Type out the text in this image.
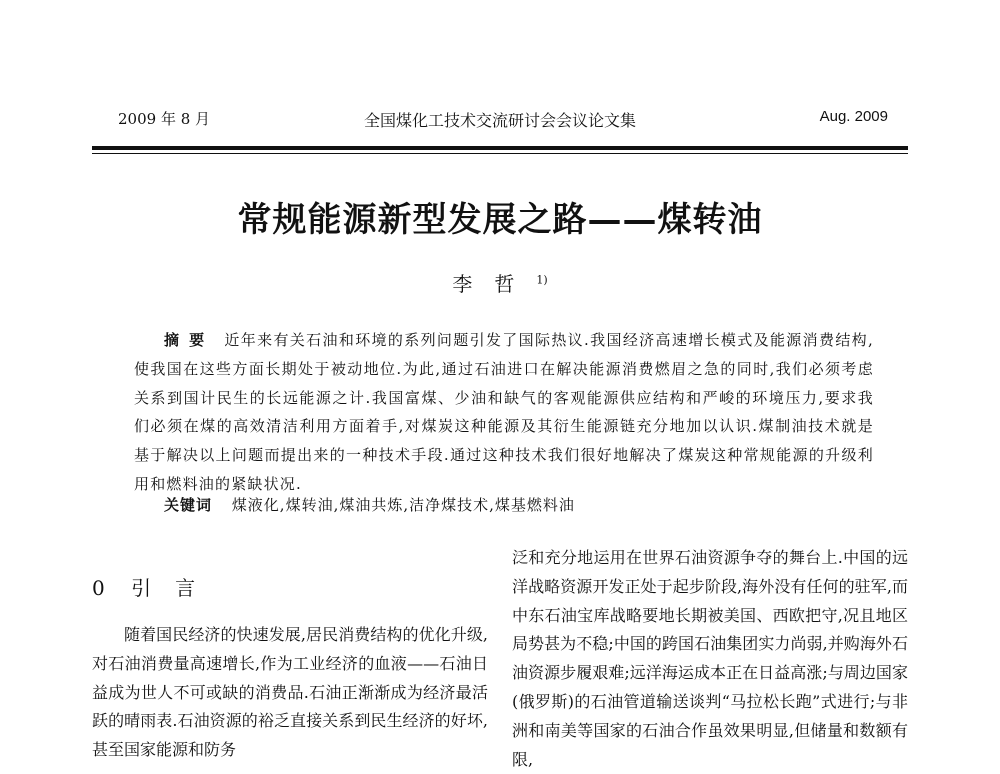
2009 年 8 月	全国煤化工技术交流研讨会会议论文集	Aug. 2009
常规能源新型发展之路——煤转油
李哲$^{1)}$
摘要 近年来有关石油和环境的系列问题引发了国际热议.我国经济高速增长模式及能源消费结构,使我国在这些方面长期处于被动地位.为此,通过石油进口在解决能源消费燃眉之急的同时,我们必须考虑关系到国计民生的长远能源之计.我国富煤、少油和缺气的客观能源供应结构和严峻的环境压力,要求我们必须在煤的高效清洁利用方面着手,对煤炭这种能源及其衍生能源链充分地加以认识.煤制油技术就是基于解决以上问题而提出来的一种技术手段.通过这种技术我们很好地解决了煤炭这种常规能源的升级利用和燃料油的紧缺状况.
关键词 煤液化,煤转油,煤油共炼,洁净煤技术,煤基燃料油
0 引言

随着国民经济的快速发展,居民消费结构的优化升级,对石油消费量高速增长,作为工业经济的血液——石油日益成为世人不可或缺的消费品.石油正渐渐成为经济最活跃的晴雨表.石油资源的裕乏直接关系到民生经济的好坏,甚至国家能源和防务

泛和充分地运用在世界石油资源争夺的舞台上.中国的远洋战略资源开发正处于起步阶段,海外没有任何的驻军,而中东石油宝库战略要地长期被美国、西欧把守,况且地区局势甚为不稳;中国的跨国石油集团实力尚弱,并购海外石油资源步履艰难;远洋海运成本正在日益高涨;与周边国家(俄罗斯)的石油管道输送谈判“马拉松长跑”式进行;与非洲和南美等国家的石油合作虽效果明显,但储量和数额有限,
